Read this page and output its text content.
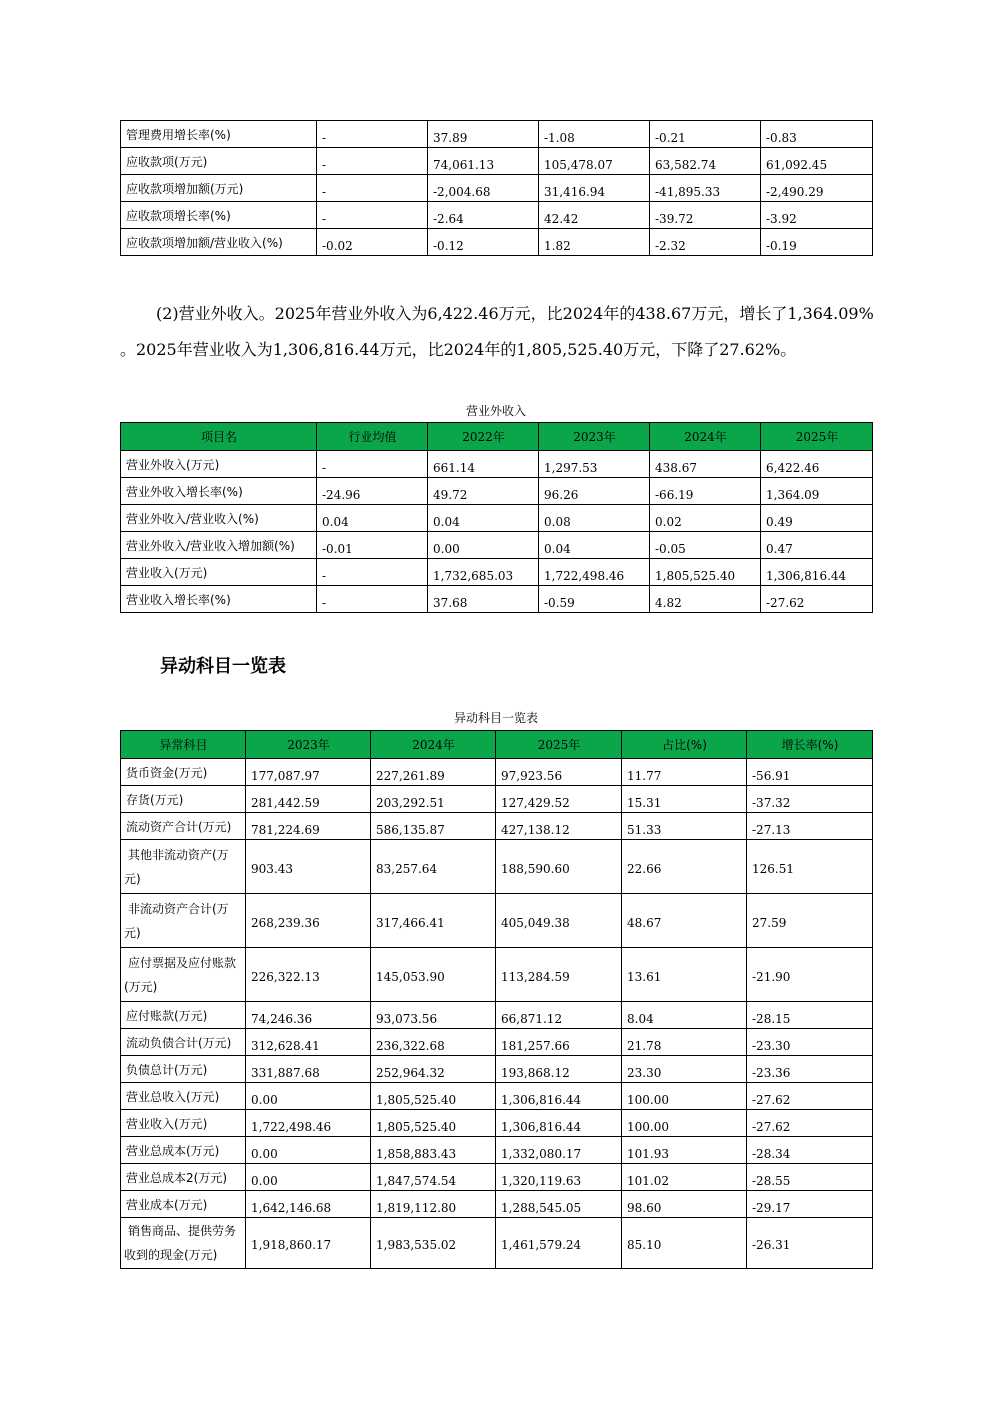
管理费用增长率(%)	-	37.89	-1.08	-0.21	-0.83
应收款项(万元)	-	74,061.13	105,478.07	63,582.74	61,092.45
应收款项增加额(万元)	-	-2,004.68	31,416.94	-41,895.33	-2,490.29
应收款项增长率(%)	-	-2.64	42.42	-39.72	-3.92
应收款项增加额/营业收入(%)	-0.02	-0.12	1.82	-2.32	-0.19
(2)营业外收入。2025年营业外收入为6,422.46万元，比2024年的438.67万元，增长了1,364.09%
。2025年营业收入为1,306,816.44万元，比2024年的1,805,525.40万元，下降了27.62%。
营业外收入
项目名	行业均值	2022年	2023年	2024年	2025年
营业外收入(万元)	-	661.14	1,297.53	438.67	6,422.46
营业外收入增长率(%)	-24.96	49.72	96.26	-66.19	1,364.09
营业外收入/营业收入(%)	0.04	0.04	0.08	0.02	0.49
营业外收入/营业收入增加额(%)	-0.01	0.00	0.04	-0.05	0.47
营业收入(万元)	-	1,732,685.03	1,722,498.46	1,805,525.40	1,306,816.44
营业收入增长率(%)	-	37.68	-0.59	4.82	-27.62
异动科目一览表
异动科目一览表
异常科目	2023年	2024年	2025年	占比(%)	增长率(%)
货币资金(万元)	177,087.97	227,261.89	97,923.56	11.77	-56.91
存货(万元)	281,442.59	203,292.51	127,429.52	15.31	-37.32
流动资产合计(万元)	781,224.69	586,135.87	427,138.12	51.33	-27.13
其他非流动资产(万元)	903.43	83,257.64	188,590.60	22.66	126.51
非流动资产合计(万元)	268,239.36	317,466.41	405,049.38	48.67	27.59
应付票据及应付账款(万元)	226,322.13	145,053.90	113,284.59	13.61	-21.90
应付账款(万元)	74,246.36	93,073.56	66,871.12	8.04	-28.15
流动负债合计(万元)	312,628.41	236,322.68	181,257.66	21.78	-23.30
负债总计(万元)	331,887.68	252,964.32	193,868.12	23.30	-23.36
营业总收入(万元)	0.00	1,805,525.40	1,306,816.44	100.00	-27.62
营业收入(万元)	1,722,498.46	1,805,525.40	1,306,816.44	100.00	-27.62
营业总成本(万元)	0.00	1,858,883.43	1,332,080.17	101.93	-28.34
营业总成本2(万元)	0.00	1,847,574.54	1,320,119.63	101.02	-28.55
营业成本(万元)	1,642,146.68	1,819,112.80	1,288,545.05	98.60	-29.17
销售商品、提供劳务收到的现金(万元)	1,918,860.17	1,983,535.02	1,461,579.24	85.10	-26.31
